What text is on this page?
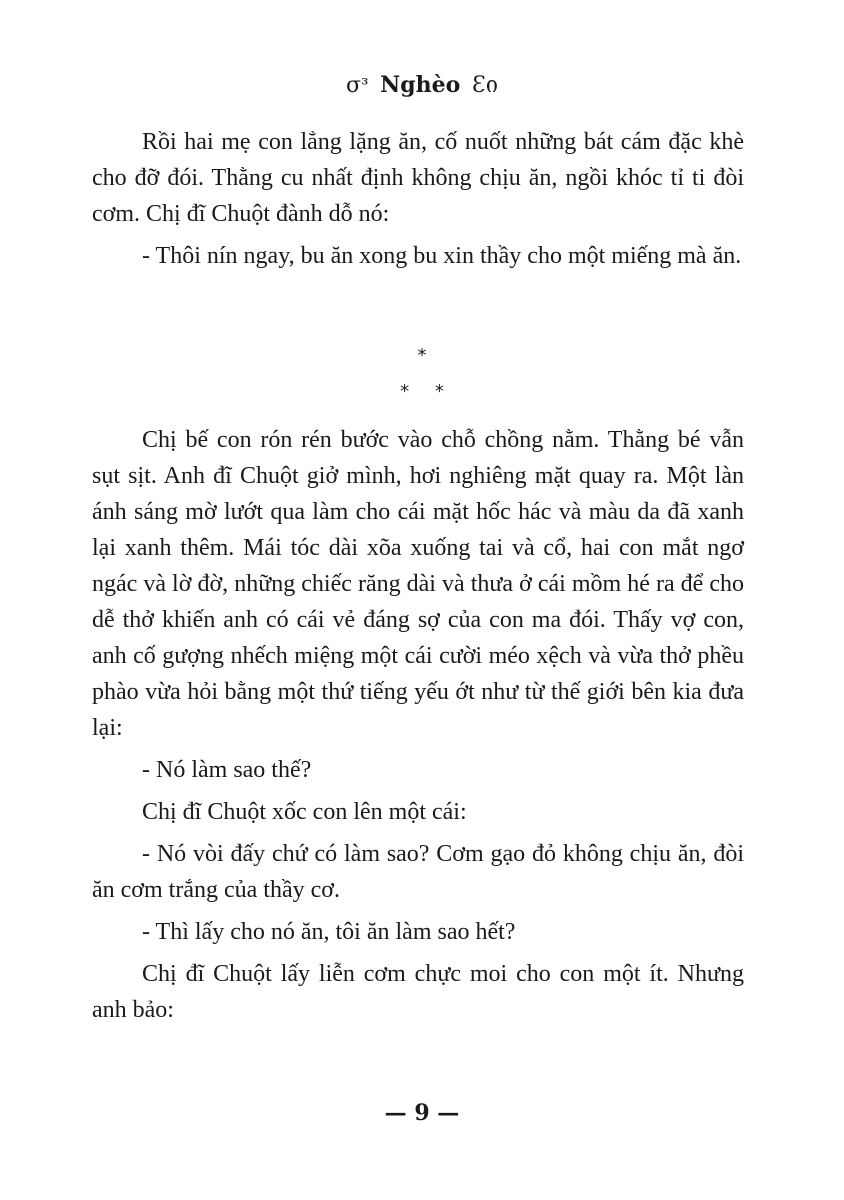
σᶟ Nghèo Ɛი

Rồi hai mẹ con lẳng lặng ăn, cố nuốt những bát cám đặc khè cho đỡ đói. Thằng cu nhất định không chịu ăn, ngồi khóc tỉ ti đòi cơm. Chị đĩ Chuột đành dỗ nó:

- Thôi nín ngay, bu ăn xong bu xin thầy cho một miếng mà ăn.

*
* *

Chị bế con rón rén bước vào chỗ chồng nằm. Thằng bé vẫn sụt sịt. Anh đĩ Chuột giở mình, hơi nghiêng mặt quay ra. Một làn ánh sáng mờ lướt qua làm cho cái mặt hốc hác và màu da đã xanh lại xanh thêm. Mái tóc dài xõa xuống tai và cổ, hai con mắt ngơ ngác và lờ đờ, những chiếc răng dài và thưa ở cái mồm hé ra để cho dễ thở khiến anh có cái vẻ đáng sợ của con ma đói. Thấy vợ con, anh cố gượng nhếch miệng một cái cười méo xệch và vừa thở phều phào vừa hỏi bằng một thứ tiếng yếu ớt như từ thế giới bên kia đưa lại:

- Nó làm sao thế?

Chị đĩ Chuột xốc con lên một cái:

- Nó vòi đấy chứ có làm sao? Cơm gạo đỏ không chịu ăn, đòi ăn cơm trắng của thầy cơ.

- Thì lấy cho nó ăn, tôi ăn làm sao hết?

Chị đĩ Chuột lấy liễn cơm chực moi cho con một ít. Nhưng anh bảo:

— 9 —
